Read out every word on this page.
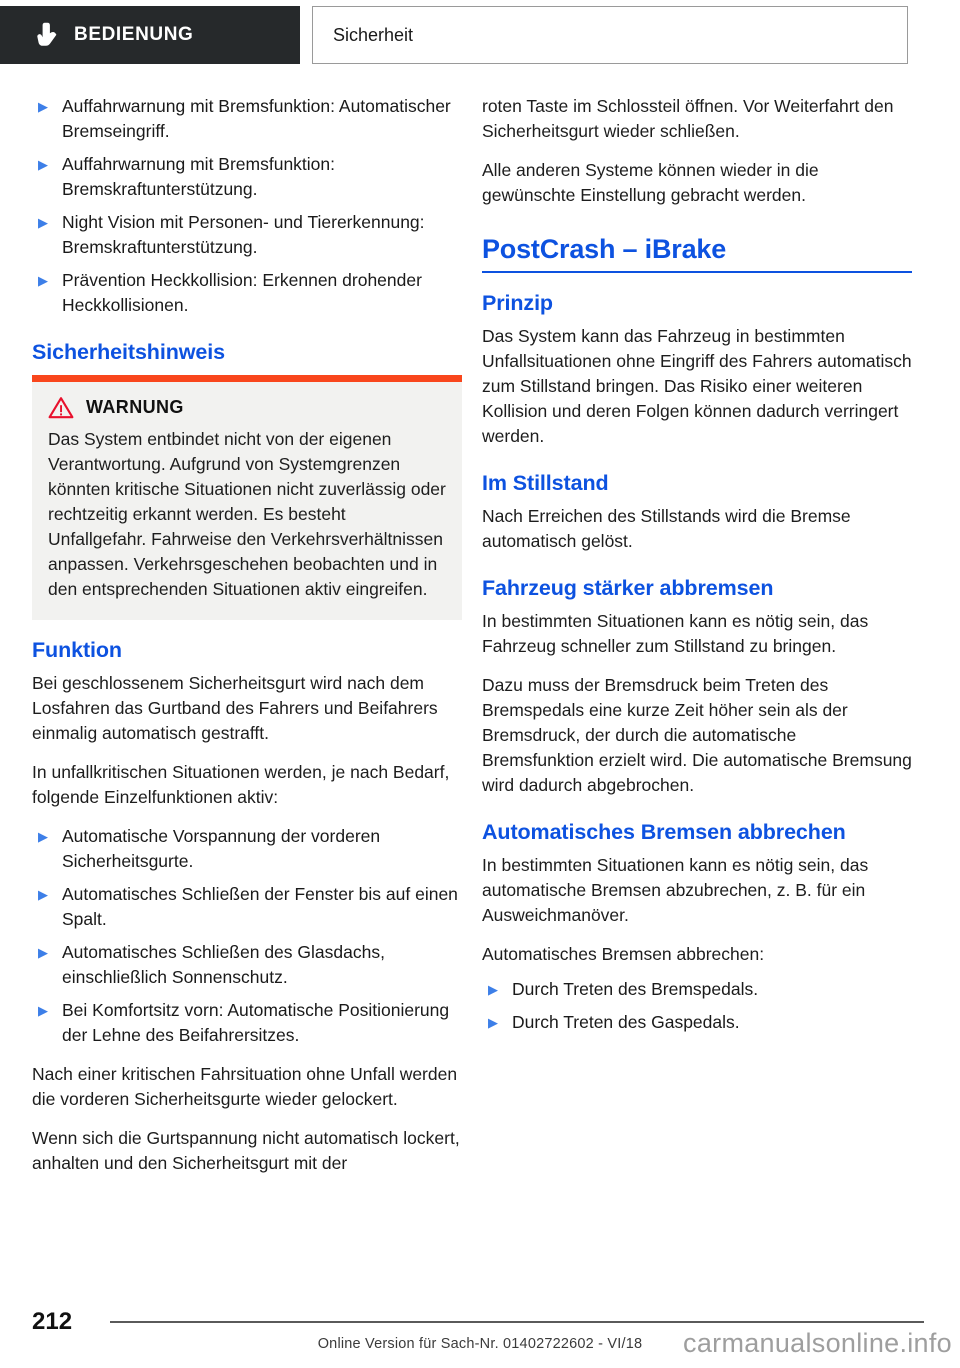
BEDIENUNG	Sicherheit
▶ Auffahrwarnung mit Bremsfunktion: Automatischer Bremseingriff.
▶ Auffahrwarnung mit Bremsfunktion: Bremskraftunterstützung.
▶ Night Vision mit Personen- und Tiererkennung: Bremskraftunterstützung.
▶ Prävention Heckkollision: Erkennen drohender Heckkollisionen.
Sicherheitshinweis
WARNUNG

Das System entbindet nicht von der eigenen Verantwortung. Aufgrund von Systemgrenzen könnten kritische Situationen nicht zuverlässig oder rechtzeitig erkannt werden. Es besteht Unfallgefahr. Fahrweise den Verkehrsverhältnissen anpassen. Verkehrsgeschehen beobachten und in den entsprechenden Situationen aktiv eingreifen.

Funktion

Bei geschlossenem Sicherheitsgurt wird nach dem Losfahren das Gurtband des Fahrers und Beifahrers einmalig automatisch gestrafft.

In unfallkritischen Situationen werden, je nach Bedarf, folgende Einzelfunktionen aktiv:

▶ Automatische Vorspannung der vorderen Sicherheitsgurte.
▶ Automatisches Schließen der Fenster bis auf einen Spalt.
▶ Automatisches Schließen des Glasdachs, einschließlich Sonnenschutz.
▶ Bei Komfortsitz vorn: Automatische Positionierung der Lehne des Beifahrersitzes.

Nach einer kritischen Fahrsituation ohne Unfall werden die vorderen Sicherheitsgurte wieder gelockert.

Wenn sich die Gurtspannung nicht automatisch lockert, anhalten und den Sicherheitsgurt mit der

roten Taste im Schlossteil öffnen. Vor Weiterfahrt den Sicherheitsgurt wieder schließen.

Alle anderen Systeme können wieder in die gewünschte Einstellung gebracht werden.

PostCrash – iBrake
Prinzip

Das System kann das Fahrzeug in bestimmten Unfallsituationen ohne Eingriff des Fahrers automatisch zum Stillstand bringen. Das Risiko einer weiteren Kollision und deren Folgen können dadurch verringert werden.

Im Stillstand

Nach Erreichen des Stillstands wird die Bremse automatisch gelöst.

Fahrzeug stärker abbremsen

In bestimmten Situationen kann es nötig sein, das Fahrzeug schneller zum Stillstand zu bringen.

Dazu muss der Bremsdruck beim Treten des Bremspedals eine kurze Zeit höher sein als der Bremsdruck, der durch die automatische Bremsfunktion erzielt wird. Die automatische Bremsung wird dadurch abgebrochen.

Automatisches Bremsen abbrechen

In bestimmten Situationen kann es nötig sein, das automatische Bremsen abzubrechen, z. B. für ein Ausweichmanöver.

Automatisches Bremsen abbrechen:

▶ Durch Treten des Bremspedals.
▶ Durch Treten des Gaspedals.
212
Online Version für Sach-Nr. 01402722602 - VI/18	carmanualsonline.info
